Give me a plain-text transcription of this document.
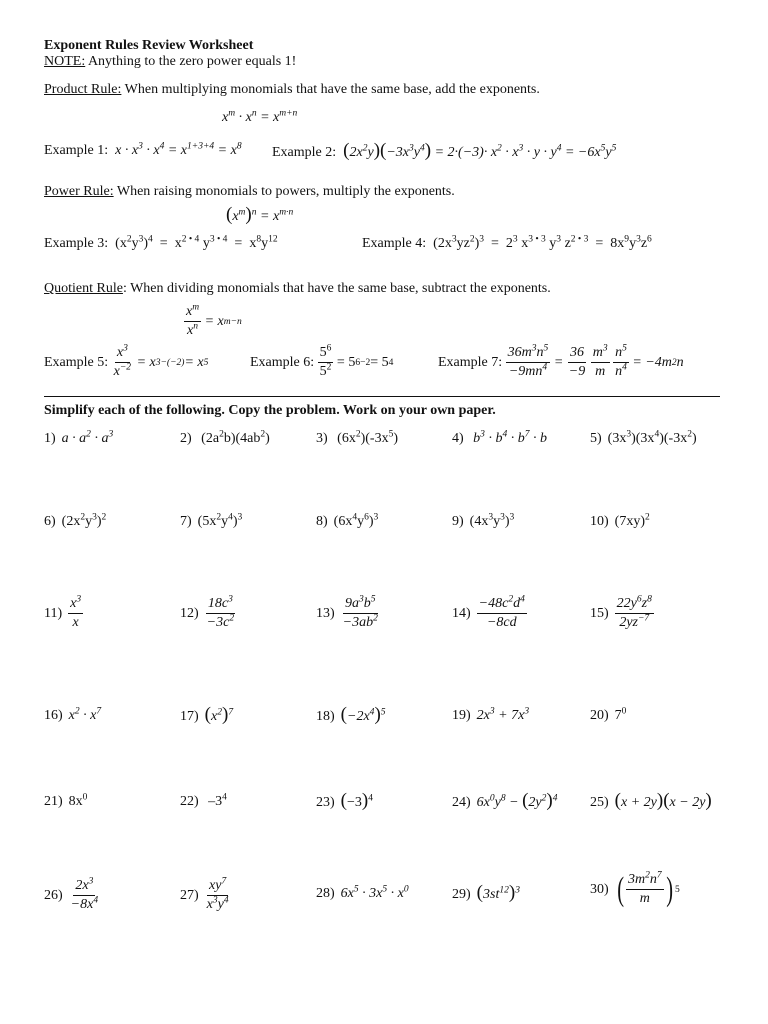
Exponent Rules Review Worksheet
NOTE: Anything to the zero power equals 1!
Product Rule: When multiplying monomials that have the same base, add the exponents.
$x^m \cdot x^n = x^{m+n}$
Example 1:  $x \cdot x^3 \cdot x^4 = x^{1+3+4} = x^8$ Example 2: $(2x^2y)(-3x^3y^4) = 2\cdot(-3)\cdot x^2 \cdot x^3 \cdot y \cdot y^4 = -6x^5y^5$
Power Rule: When raising monomials to powers, multiply the exponents.
$(x^m)^n = x^{m\cdot n}$
Example 3:  $(x^2y^3)^4 = x^{2 • 4}$ $y^{3 • 4} = x^8y^{12}$	Example 4:  $(2x^3yz^2)^3 = 2^3$ $x^{3 • 3}$ $y^3$ $z^{2 • 3} = 8x^9y^3z^6$
Quotient Rule: When dividing monomials that have the same base, subtract the exponents.
$\frac{x^m}{x^n} = x$ m−n
Example 5:
$\frac{x^3}{x^{-2}} = x$ 3−(−2) = x 5	Example 6:
$\frac{5^6}{5^2} = 5$ 6−2 = 5 4	Example 7:
$\frac{36m^3n^5}{-9mn^4} = \frac{36}{-9}$
$\frac{m^3}{m}$
$\frac{n^5}{n^4} = -4m$ 2 n
Simplify each of the following. Copy the problem. Work on your own paper.
1) $a \cdot a^2 \cdot a^3$	2) $(2a^2b)(4ab^2)$	3) $(6x^2)(-3x^5)$	4) $b^3 \cdot b^4 \cdot b^7 \cdot b$	5) $(3x^3)(3x^4)(-3x^2)$
6) $(2x^2y^3)^2$	7) $(5x^2y^4)^3$	8) $(6x^4y^6)^3$	9) $(4x^3y^3)^3$	10) $(7xy)^2$
$11) \frac{x^3}{x}$	$12) \frac{18c^3}{-3c^2}$	$13) \frac{9a^3b^5}{-3ab^2}$	$14) \frac{-48c^2d^4}{-8cd}$	$15) \frac{22y^6z^8}{2yz^{-7}}$
16) $x^2 \cdot x^7$	17) $(x^2)^7$	18) $(-2x^4)^5$	19) $2x^3 + 7x^3$	20) $7^0$
21) $8x^0$	22) $-3^4$	23) $(-3)^4$	24) $6x^0y^8 - (2y^2)^4$ 25) (x + 2y)(x − 2y)
$26) \frac{2x^3}{-8x^4}$	$27) \frac{xy^7}{x^3y^4}$	28) $6x^5 \cdot 3x^5 \cdot x^0$	29) $(3st^{12})^3$	30) ( $\frac{3m^2n^7}{m}$ ) 5
